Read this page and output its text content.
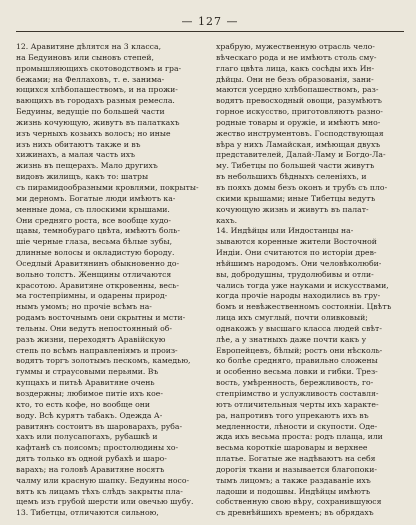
— 127 —
12. Аравитяне дѣлятся на 3 класса,
на Бедуиновъ или сыновъ степей,
промышляющихъ скотоводствомъ и гра-
бежами; на Феллаховъ, т. е. занима-
ющихся хлѣбопашествомъ, и на прожи-
вающихъ въ городахъ разныя ремесла.
Бедуины, ведущіе по большей части
жизнь кочующую, живутъ въ палаткахъ
изъ черныхъ козьихъ волосъ; но иные
изъ нихъ обитаютъ также и въ
хижинахъ, а малая часть ихъ
жизнь въ пещерахъ. Мало другихъ
видовъ жилищъ, какъ то: шатры
съ пирамидообразными кровлями, покрыты-
ми дерномъ. Богатые люди имѣютъ ка-
менные дома, съ плоскими крышами.
Они средняго роста, все вообще худо-
щавы, темнобураго цвѣта, имѣютъ боль-
шіе черные глаза, весьма бѣлые зубы,
длинные волосы и окладистую бороду.
Оседлый Аравитянинъ обыкновенно до-
вольно толстъ. Женщины отличаются
красотою. Аравитяне откровенны, весь-
ма гостепріимны, и одарены природ-
нымъ умомъ; но прочіе всѣмъ на-
родамъ восточнымъ они скрытны и мсти-
тельны. Они ведутъ непостоянный об-
разъ жизни, переходятъ Аравійскую
степь по всѣмъ направленіямъ и произ-
водятъ торгъ золотымъ пескомъ, камедью,
гуммы и страусовыми перьями. Въ
купцахъ и питьѣ Аравитяне очень
воздержны; любимое питіе ихъ кое-
кто, то есть кофе, но вообще они
воду. Всѣ курятъ табакъ. Одежда А-
равитянъ состоитъ въ шароварахъ, руба-
хахъ или полусапогахъ, рубашкѣ и
кафтанѣ съ поясомъ; простолюдины хо-
дятъ только въ одной рубахѣ и шаро-
варахъ; на головѣ Аравитяне носятъ
чалму или красную шапку. Бедуины носо-
вятъ къ лицамъ тѣхъ слѣдъ закрыты пла-
щемъ изъ грубой шерсти или овечью шубу.
13. Тибетцы, отличаются сильною,
храбрую, мужественную отрасль чело-
вѣческаго рода и не имѣютъ столь сму-
глаго цвѣта лица, какъ сосѣды ихъ Ин-
дѣйцы. Они не безъ образованія, зани-
маются усердно хлѣбопашествомъ, раз-
водятъ превосходный овощи, разумѣютъ
горное искусство, приготовляютъ разно-
родные товары и оружіе, и имѣютъ мно-
жество инструментовъ. Господствующая
вѣра у нихъ Ламайская, имѣющая двухъ
представителей, Далай-Ламу и Богдо-Ла-
му. Тибетцы по большей части живутъ
въ небольшихъ бѣдныхъ селеніяхъ, и
въ пояхъ домы безъ оконъ и трубъ съ пло-
скими крышами; иные Тибетцы ведутъ
кочующую жизнь и живутъ въ палат-
кахъ.
14. Индѣйцы или Индостанцы на-
зываются коренные жители Восточной
Индіи. Они считаются по исторіи древ-
нѣйшимъ народомъ. Они человѣколюби-
вы, добродушны, трудолюбивы и отли-
чались тогда уже науками и искусствами,
когда прочіе народы находились въ гру-
бомъ и невѣжественномъ состояніи. Цвѣтъ
лица ихъ смуглый, почти оливковый;
однакожъ у высшаго класса людей свѣт-
лѣе, а у знатныхъ даже почти какъ у
Европейцевъ, бѣлый; ростъ они нѣсколь-
ко болѣе средняго, правильно сложены
и особенно весьма ловки и гибки. Трез-
вость, умѣренность, бережливость, го-
степріимство и услужливость составля-
ютъ отличительныя черты ихъ характе-
ра, напротивъ того упрекаютъ ихъ въ
медленности, лѣности и скупости. Оде-
жда ихъ весьма проста: родъ плаща, или
весьма короткіе шаровары и верхнее
платье. Богатые же надѣваютъ на себя
дорогія ткани и называется благопоки-
тымъ лицомъ; а также раздаваніе ихъ
ладоши и подошвы. Индѣйцы имѣютъ
собственную свою вѣру, сохранившуюся
съ древнѣйшихъ временъ; въ обрядахъ
